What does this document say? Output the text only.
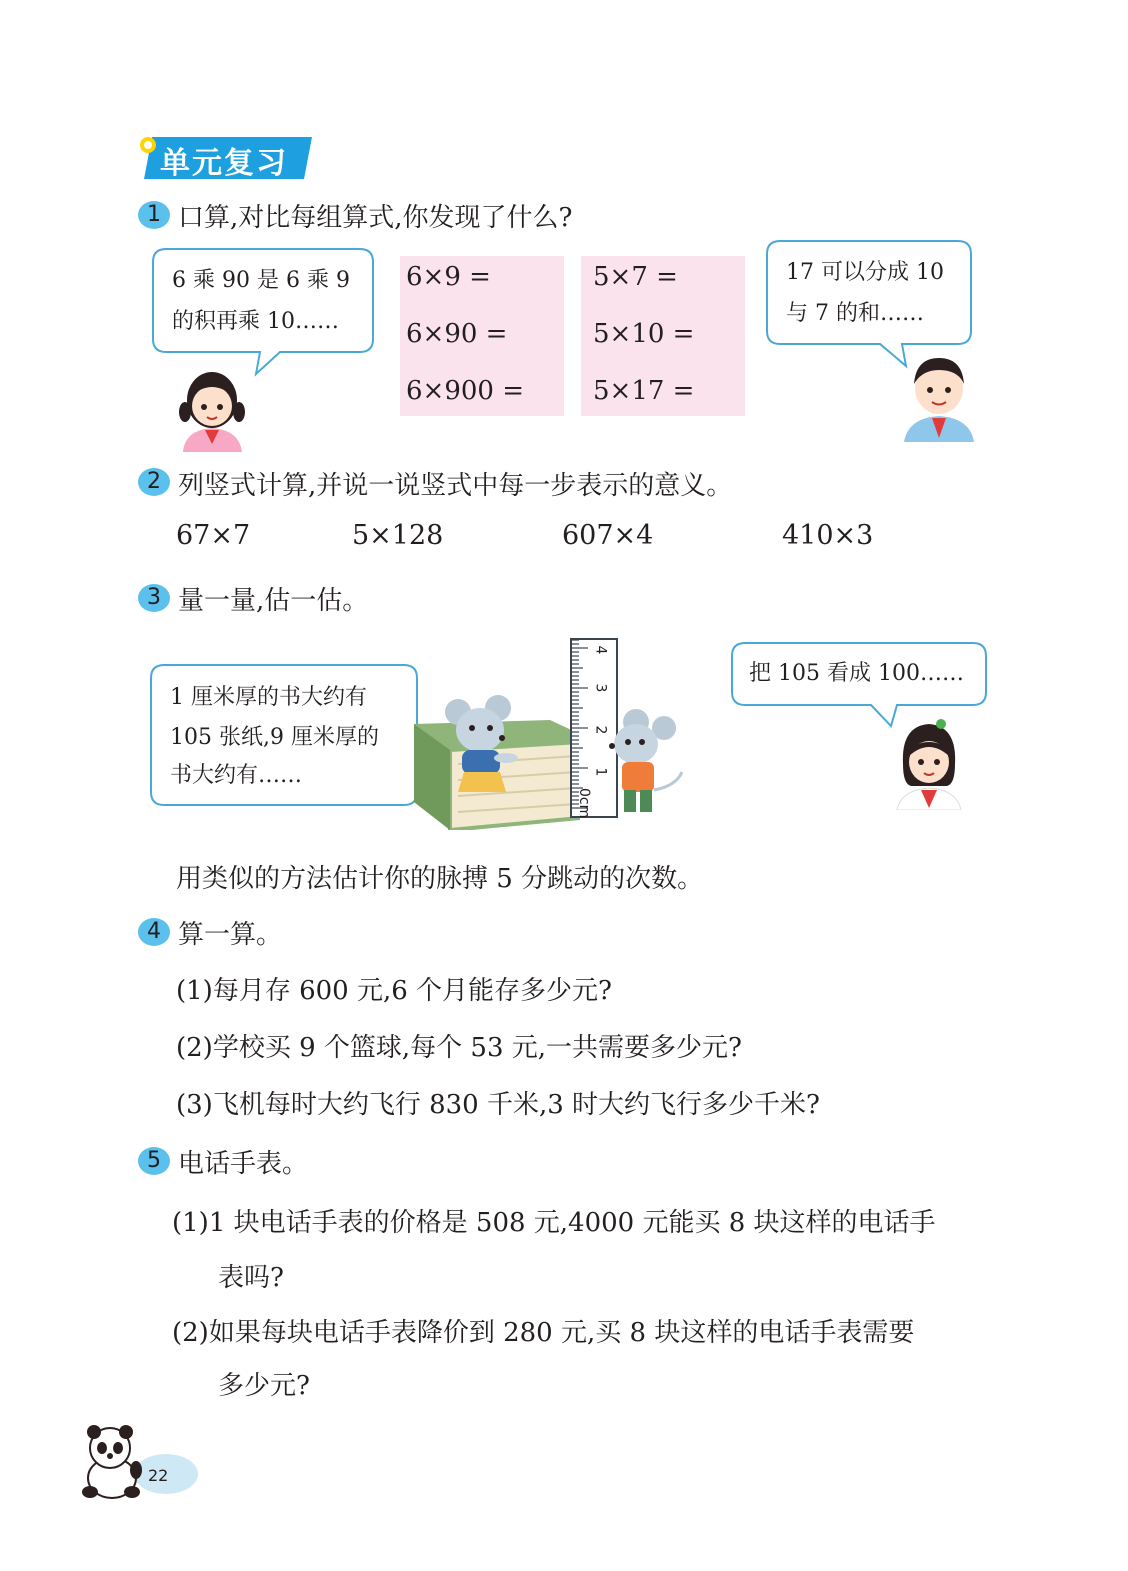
单元复习
1 口算,对比每组算式,你发现了什么?
6 乘 90 是 6 乘 9
的积再乘 10……
6×9 =
6×90 =
6×900 =
5×7 =
5×10 =
5×17 =
17 可以分成 10
与 7 的和……
2 列竖式计算,并说一说竖式中每一步表示的意义。
67×7	5×128	607×4	410×3
3 量一量,估一估。
1 厘米厚的书大约有
105 张纸,9 厘米厚的
书大约有……
0cm
1
2
3
4
把 105 看成 100……
用类似的方法估计你的脉搏 5 分跳动的次数。
4 算一算。
(1)每月存 600 元,6 个月能存多少元?
(2)学校买 9 个篮球,每个 53 元,一共需要多少元?
(3)飞机每时大约飞行 830 千米,3 时大约飞行多少千米?
5 电话手表。
(1)1 块电话手表的价格是 508 元,4000 元能买 8 块这样的电话手
表吗?
(2)如果每块电话手表降价到 280 元,买 8 块这样的电话手表需要
多少元?
22
